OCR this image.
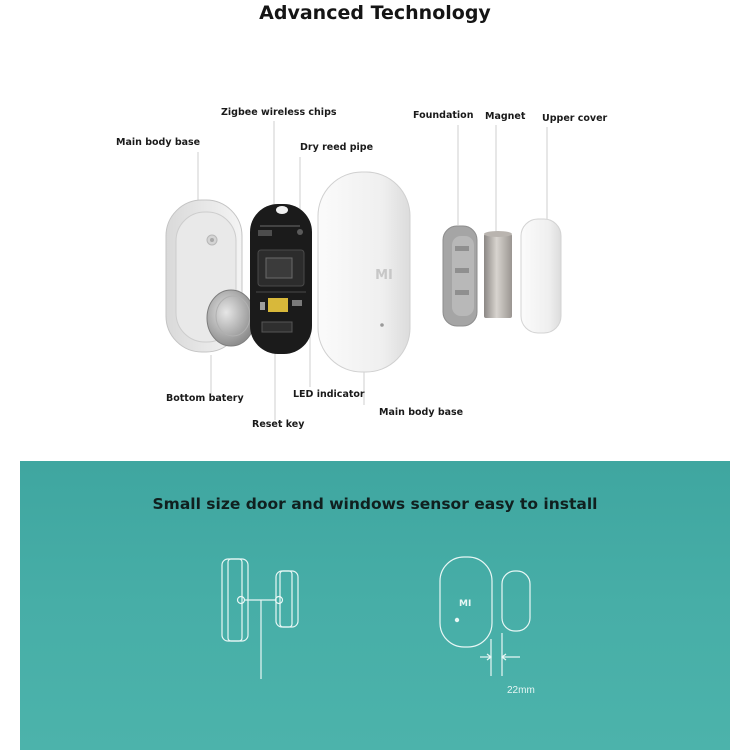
Advanced Technology
MI
Main body base
Zigbee wireless chips
Dry reed pipe
Foundation Magnet Upper cover
Bottom batery	LED indicator
Reset key
Main body base
Small size door and windows sensor easy to install
MI
22mm
